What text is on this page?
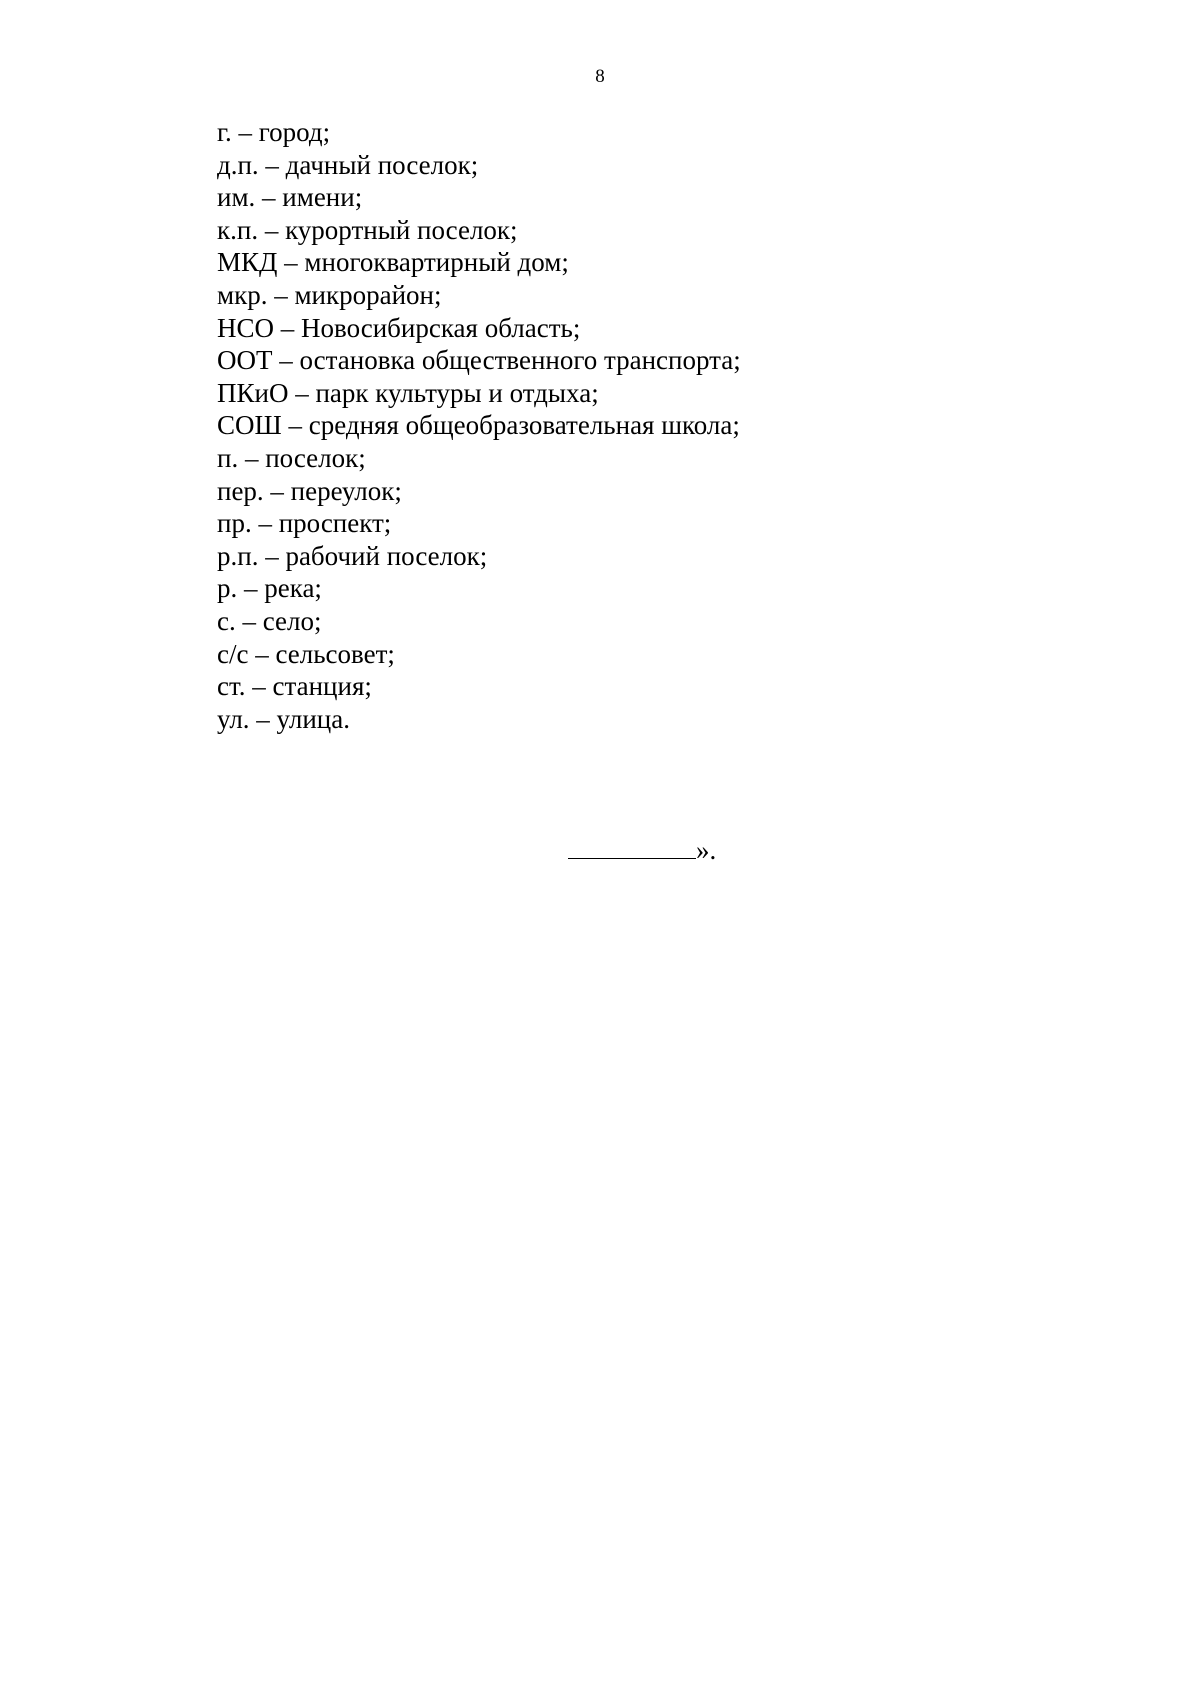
8
г. – город;
д.п. – дачный поселок;
им. – имени;
к.п. – курортный поселок;
МКД – многоквартирный дом;
мкр. – микрорайон;
НСО – Новосибирская область;
ООТ – остановка общественного транспорта;
ПКиО – парк культуры и отдыха;
СОШ – средняя общеобразовательная школа;
п. – поселок;
пер. – переулок;
пр. – проспект;
р.п. – рабочий поселок;
р. – река;
с. – село;
с/с – сельсовет;
ст. – станция;
ул. – улица.
».
